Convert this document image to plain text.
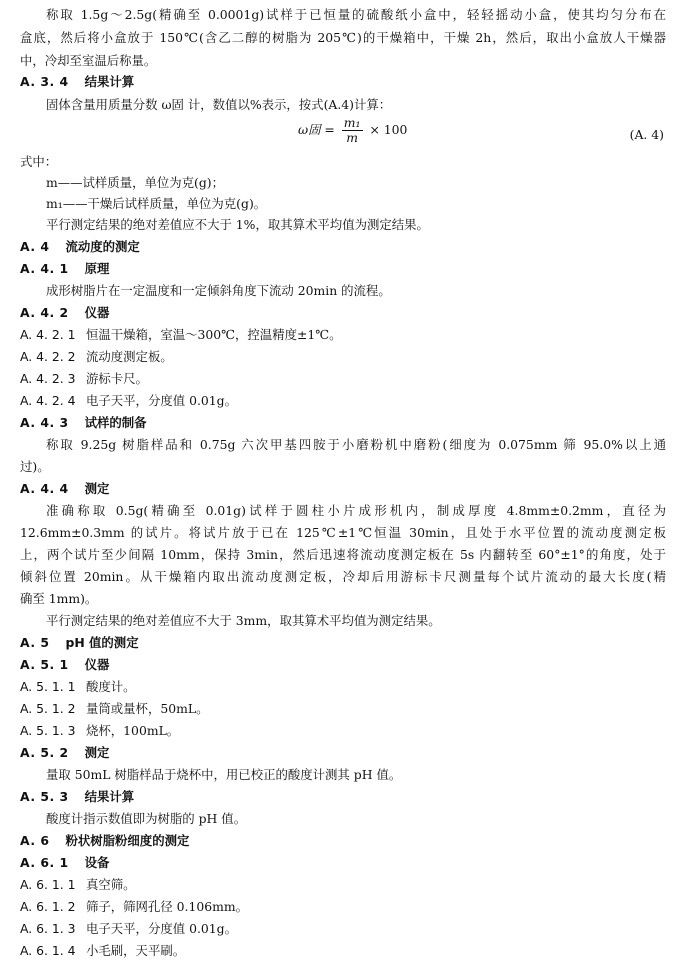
称取 1.5g～2.5g(精确至 0.0001g)试样于已恒量的硫酸纸小盒中，轻轻摇动小盒，使其均匀分布在
盒底，然后将小盒放于 150℃(含乙二醇的树脂为 205℃)的干燥箱中，干燥 2h，然后，取出小盒放人干燥器
中，冷却至室温后称量。
A. 3. 4 结果计算
固体含量用质量分数 ω固 计，数值以%表示，按式(A.4)计算：
ω固 = $\frac{\text{m₁}}{m} \times 100$	(A. 4)
式中：
m——试样质量，单位为克(g)；
m₁——干燥后试样质量，单位为克(g)。
平行测定结果的绝对差值应不大于 1%，取其算术平均值为测定结果。
A. 4 流动度的测定
A. 4. 1 原理
成形树脂片在一定温度和一定倾斜角度下流动 20min 的流程。
A. 4. 2 仪器
A. 4. 2. 1 恒温干燥箱，室温～300℃，控温精度±1℃。
A. 4. 2. 2 流动度测定板。
A. 4. 2. 3 游标卡尺。
A. 4. 2. 4 电子天平，分度值 0.01g。
A. 4. 3 试样的制备
称取 9.25g 树脂样品和 0.75g 六次甲基四胺于小磨粉机中磨粉(细度为 0.075mm 筛 95.0%以上通
过)。
A. 4. 4 测定
准确称取 0.5g(精确至 0.01g)试样于圆柱小片成形机内，制成厚度 4.8mm±0.2mm，直径为
12.6mm±0.3mm 的试片。将试片放于已在 125℃±1℃恒温 30min，且处于水平位置的流动度测定板
上，两个试片至少间隔 10mm，保持 3min，然后迅速将流动度测定板在 5s 内翻转至 60°±1°的角度，处于
倾斜位置 20min。从干燥箱内取出流动度测定板，冷却后用游标卡尺测量每个试片流动的最大长度(精
确至 1mm)。
平行测定结果的绝对差值应不大于 3mm，取其算术平均值为测定结果。
A. 5 pH 值的测定
A. 5. 1 仪器
A. 5. 1. 1 酸度计。
A. 5. 1. 2 量筒或量杯，50mL。
A. 5. 1. 3 烧杯，100mL。
A. 5. 2 测定
量取 50mL 树脂样品于烧杯中，用已校正的酸度计测其 pH 值。
A. 5. 3 结果计算
酸度计指示数值即为树脂的 pH 值。
A. 6 粉状树脂粉细度的测定
A. 6. 1 设备
A. 6. 1. 1 真空筛。
A. 6. 1. 2 筛子，筛网孔径 0.106mm。
A. 6. 1. 3 电子天平，分度值 0.01g。
A. 6. 1. 4 小毛刷，天平刷。
